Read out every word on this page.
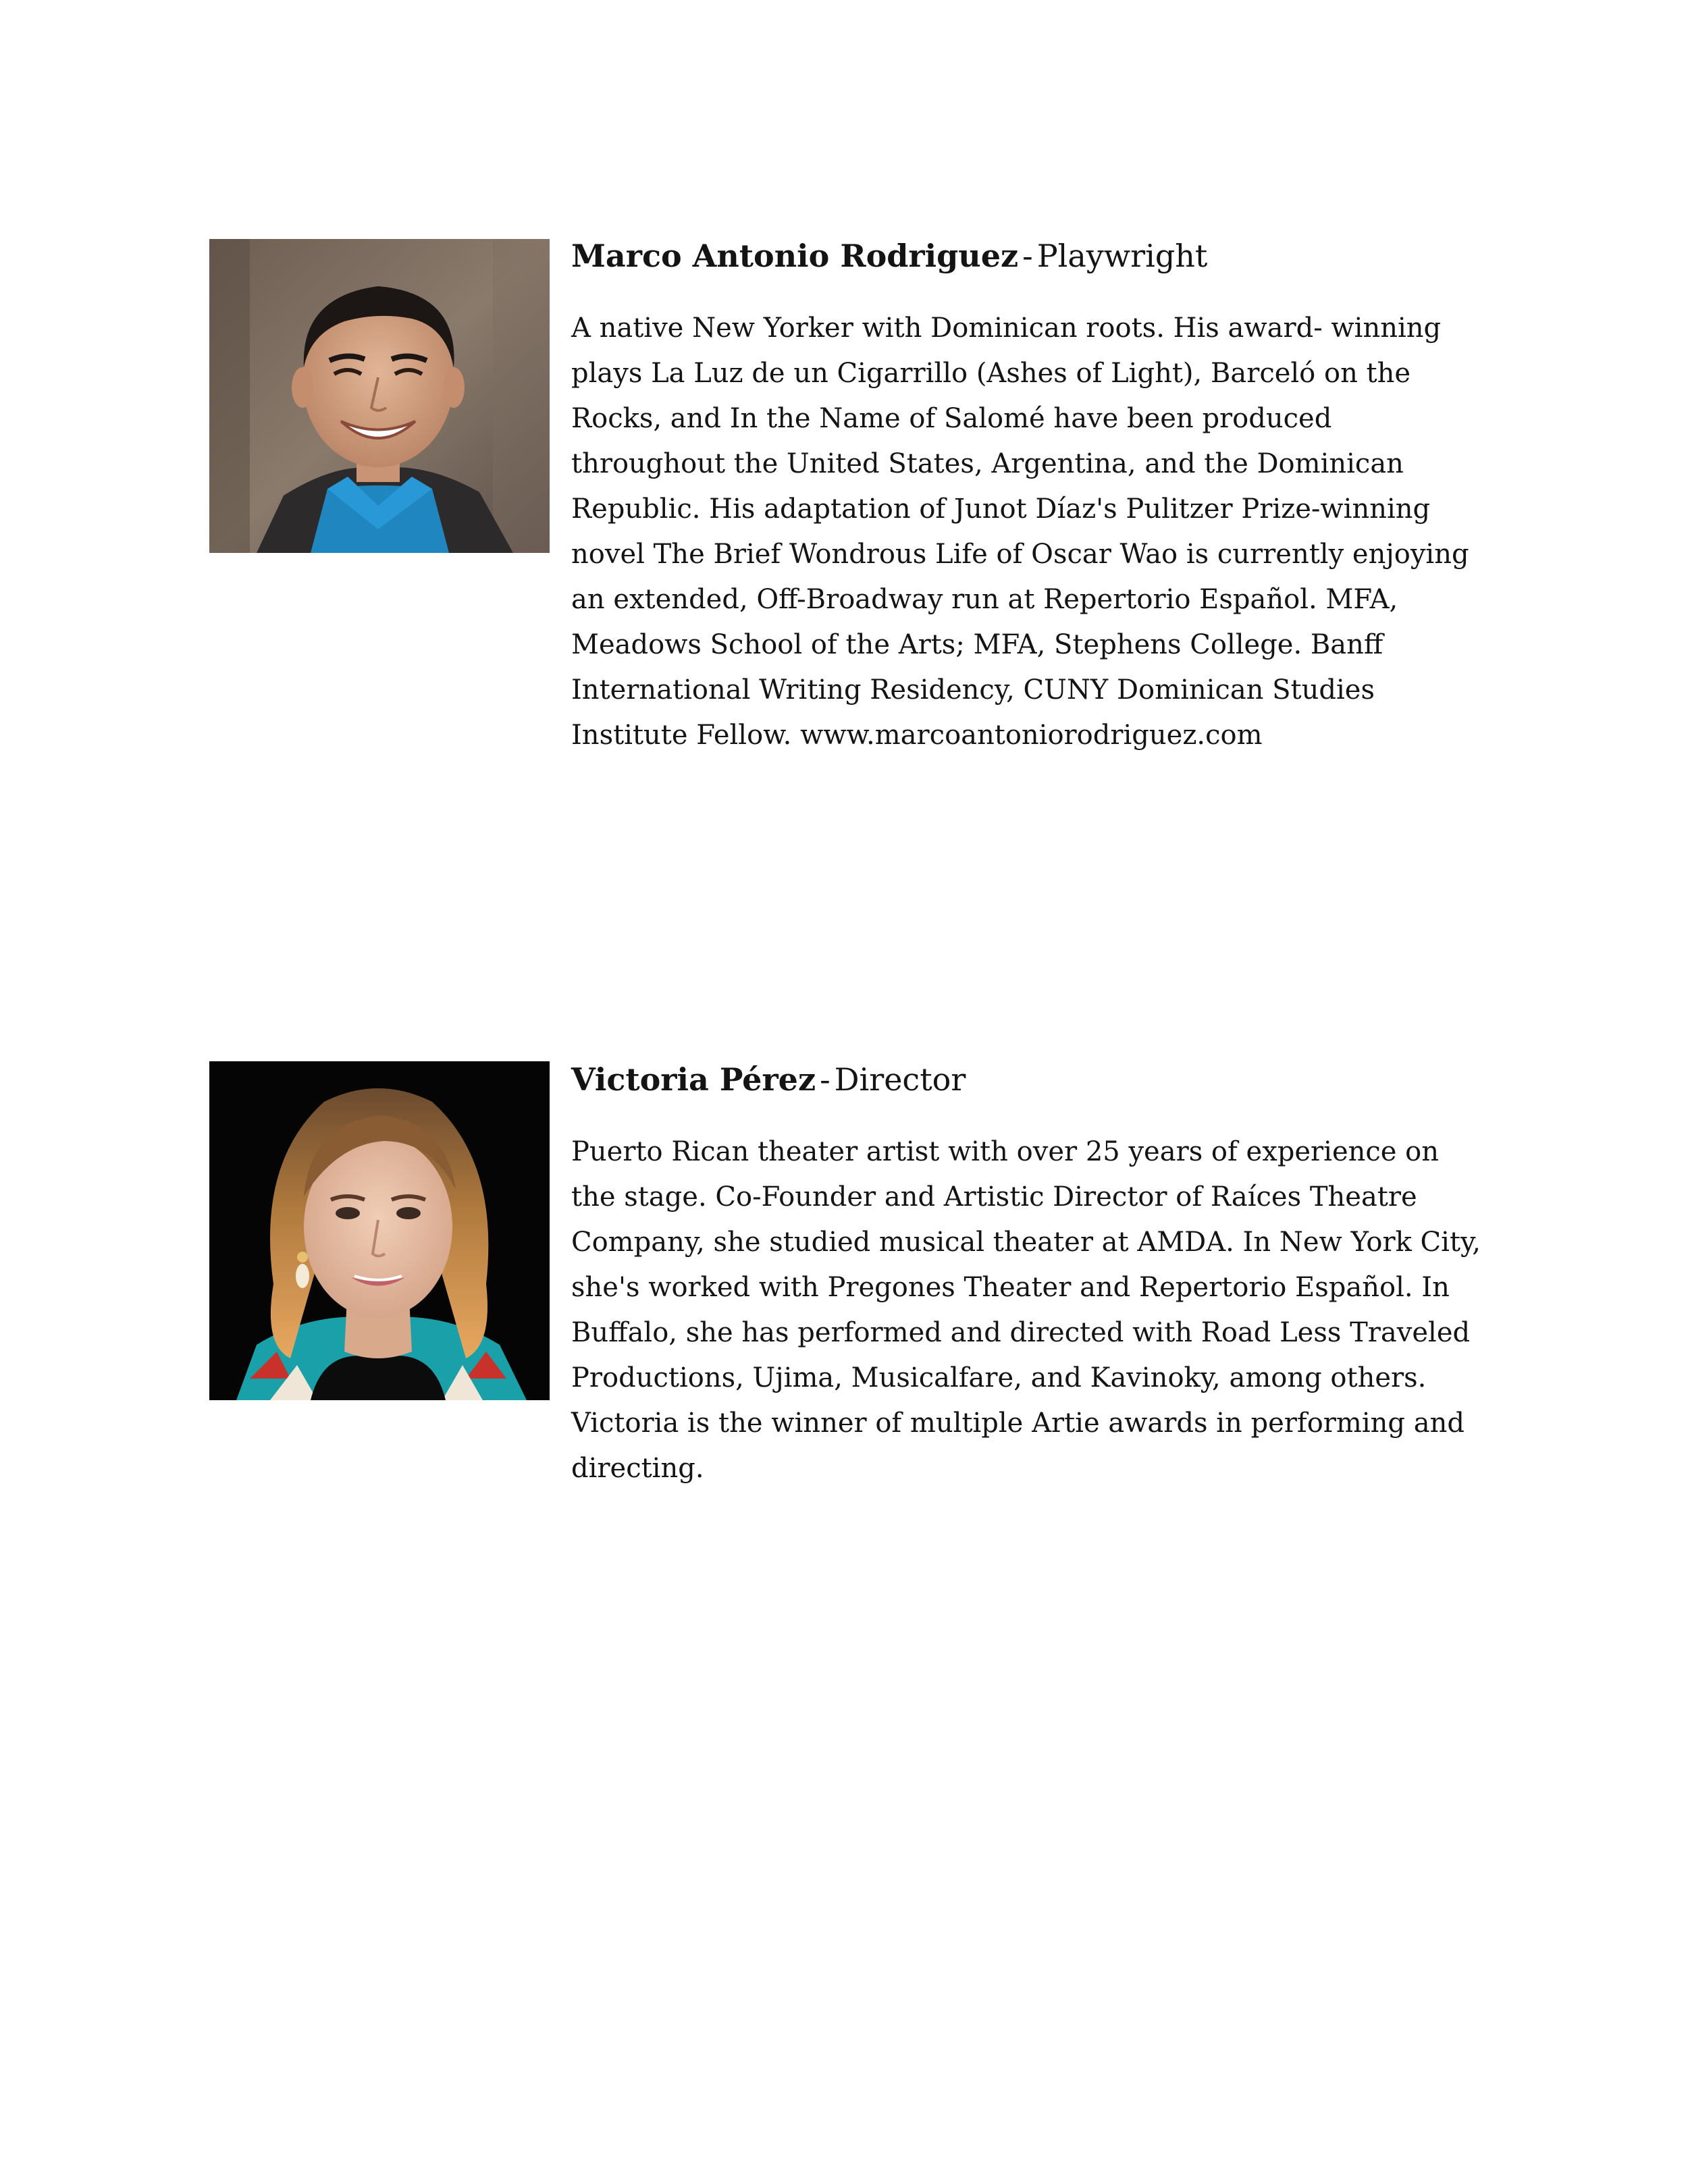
Marco Antonio Rodriguez - Playwright

A native New Yorker with Dominican roots. His award- winning plays La Luz de un Cigarrillo (Ashes of Light), Barceló on the Rocks, and In the Name of Salomé have been produced throughout the United States, Argentina, and the Dominican Republic. His adaptation of Junot Díaz's Pulitzer Prize-winning novel The Brief Wondrous Life of Oscar Wao is currently enjoying an extended, Off-Broadway run at Repertorio Español. MFA, Meadows School of the Arts; MFA, Stephens College. Banff International Writing Residency, CUNY Dominican Studies Institute Fellow. www.marcoantoniorodriguez.com

Victoria Pérez - Director

Puerto Rican theater artist with over 25 years of experience on the stage. Co-Founder and Artistic Director of Raíces Theatre Company, she studied musical theater at AMDA. In New York City, she's worked with Pregones Theater and Repertorio Español. In Buffalo, she has performed and directed with Road Less Traveled Productions, Ujima, Musicalfare, and Kavinoky, among others. Victoria is the winner of multiple Artie awards in performing and directing.
